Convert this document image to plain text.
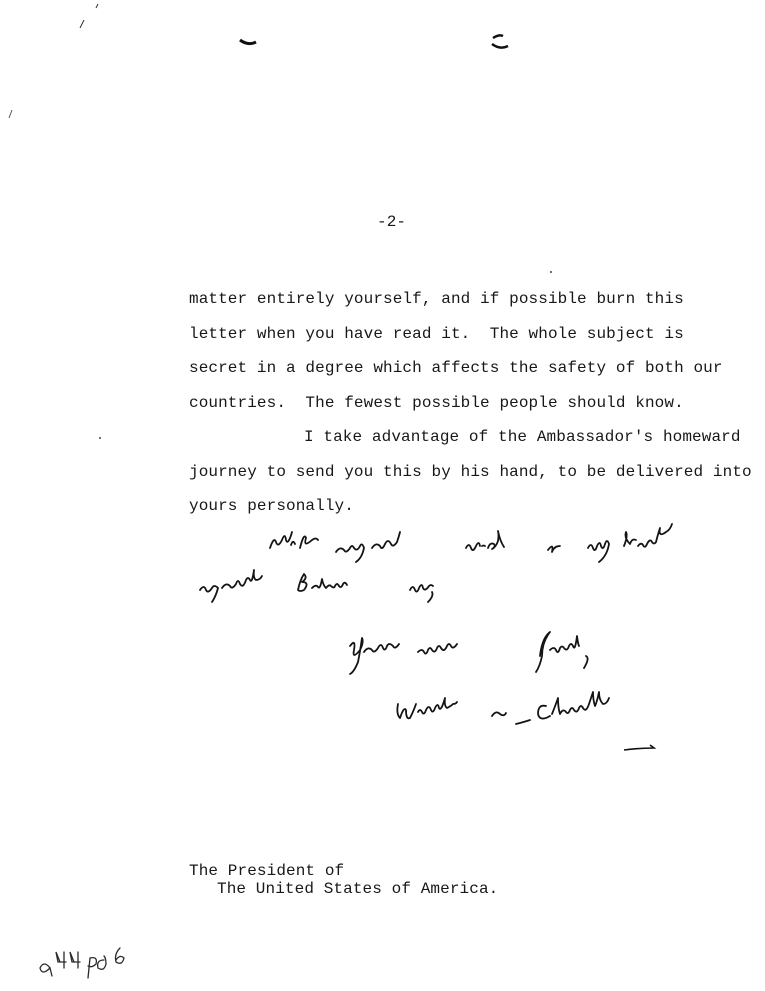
-2-
matter entirely yourself, and if possible burn this
letter when you have read it.  The whole subject is
secret in a degree which affects the safety of both our
countries.  The fewest possible people should know.
I take advantage of the Ambassador's homeward
journey to send you this by his hand, to be delivered into
yours personally.
The President of
The United States of America.
